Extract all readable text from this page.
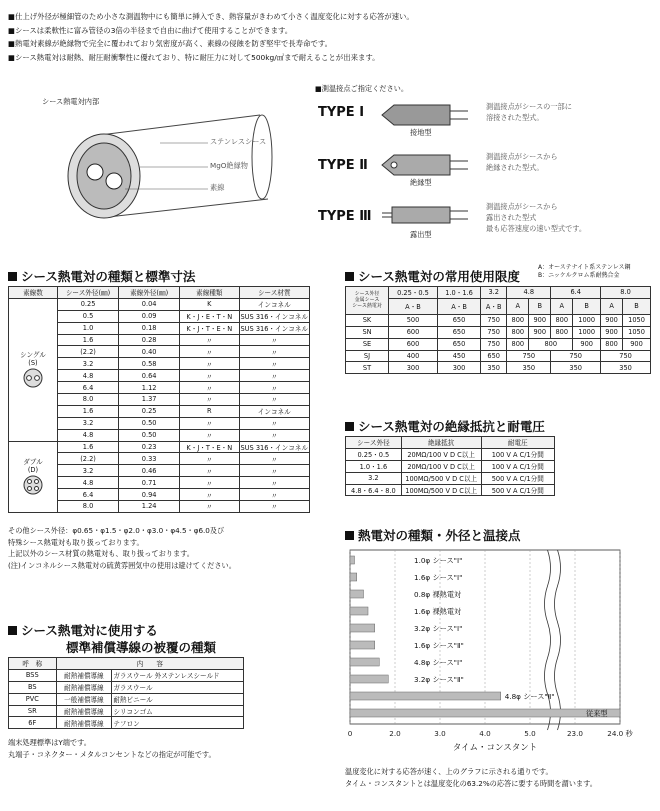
■仕上げ外径が極細管のため小さな測温物中にも簡単に挿入でき、熱容量がきわめて小さく温度変化に対する応答が速い。
■シースは柔軟性に富み管径の3倍の半径まで自由に曲げて使用することができます。
■熱電対素線が絶縁物で完全に覆われており気密度が高く、素線の侵蝕を防ぎ堅牢で長寿命です。
■シース熱電対は耐熱、耐圧耐衝撃性に優れており、特に耐圧力に対して500kg/㎠まで耐えることが出来ます。
シース熱電対内部
ステンレスシース
MgO絶縁物
素線
■測温接点ご指定ください。
TYPE Ⅰ
接地型
測温接点がシースの一部に
溶接された型式。
TYPE Ⅱ
絶縁型
測温接点がシースから
絶縁された型式。
TYPE Ⅲ
露出型
測温接点がシースから
露出された型式
最も応答速度の速い型式です。
シース熱電対の種類と標準寸法
素線数	シース外径(㎜)	素線外径(㎜)	素線種類	シース材質

シングル
(S)	0.25	0.04	K	インコネル
	0.5	0.09	K・J・E・T・N	SUS 316・インコネル
	1.0	0.18	K・J・T・E・N	SUS 316・インコネル
	1.6	0.28	〃	〃
	(2.2)	0.40	〃	〃
	3.2	0.58	〃	〃
	4.8	0.64	〃	〃
	6.4	1.12	〃	〃
	8.0	1.37	〃	〃
	1.6	0.25	R	インコネル
	3.2	0.50	〃	〃
	4.8	0.50	〃	〃

ダブル
(D)	1.6	0.23	K・J・T・E・N	SUS 316・インコネル
	(2.2)	0.33	〃	〃
	3.2	0.46	〃	〃
	4.8	0.71	〃	〃
	6.4	0.94	〃	〃
	8.0	1.24	〃	〃
その他シース外径：φ0.65・φ1.5・φ2.0・φ3.0・φ4.5・φ6.0及び
特殊シース熱電対も取り扱っております。
上記以外のシース材質の熱電対も、取り扱っております。
(注)インコネルシース熱電対の硫黄雰囲気中の使用は避けてください。
シース熱電対の常用使用限度
A：オーステナイト系ステンレス鋼
B：ニッケルクロム系耐熱合金
シース外径
金属シース
シース熱電対	0.25・0.5	1.0・1.6	3.2	4.8		6.4		8.0	
	A・B	A・B	A・B	A	B	A	B	A	B
SK	500	650	750	800	900	800	1000	900	1050
SN	600	650	750	800	900	800	1000	900	1050
SE	600	650	750	800	800		900	800	900
SJ	400	450	650	750		750		750	
ST	300	300	350	350		350		350	
シース熱電対の絶縁抵抗と耐電圧
シース外径	絶縁抵抗	耐電圧
0.25・0.5	20MΩ/100 V D C以上	100 V A C/1分間
1.0・1.6	20MΩ/100 V D C以上	100 V A C/1分間
3.2	100MΩ/500 V D C以上	500 V A C/1分間
4.8・6.4・8.0	100MΩ/500 V D C以上	500 V A C/1分間
シース熱電対に使用する
標準補償導線の被覆の種類
呼　称	内　　容	
BSS	耐熱補償導線	ガラスウール 外ステンレスシールド
BS	耐熱補償導線	ガラスウール
PVC	一般補償導線	耐熱ビニール
SR	耐熱補償導線	シリコンゴム
6F	耐熱補償導線	テフロン
端末処理標準はY端です。
丸端子・コネクター・メタルコンセントなどの指定が可能です。
熱電対の種類・外径と温接点
0	2.0	3.0	4.0	5.0	23.0	24.0 秒
1.0φ シース"Ⅰ"
1.6φ シース"Ⅰ"
0.8φ 裸熱電対
1.6φ 裸熱電対
3.2φ シース"Ⅰ"
1.6φ シース"Ⅱ"
4.8φ シース"Ⅰ"
3.2φ シース"Ⅱ"
4.8φ シース"Ⅱ"
従来型
タイム・コンスタント
温度変化に対する応答が速く、上のグラフに示される通りです。
タイム・コンスタントとは温度変化の63.2%の応答に要する時間を謂います。
